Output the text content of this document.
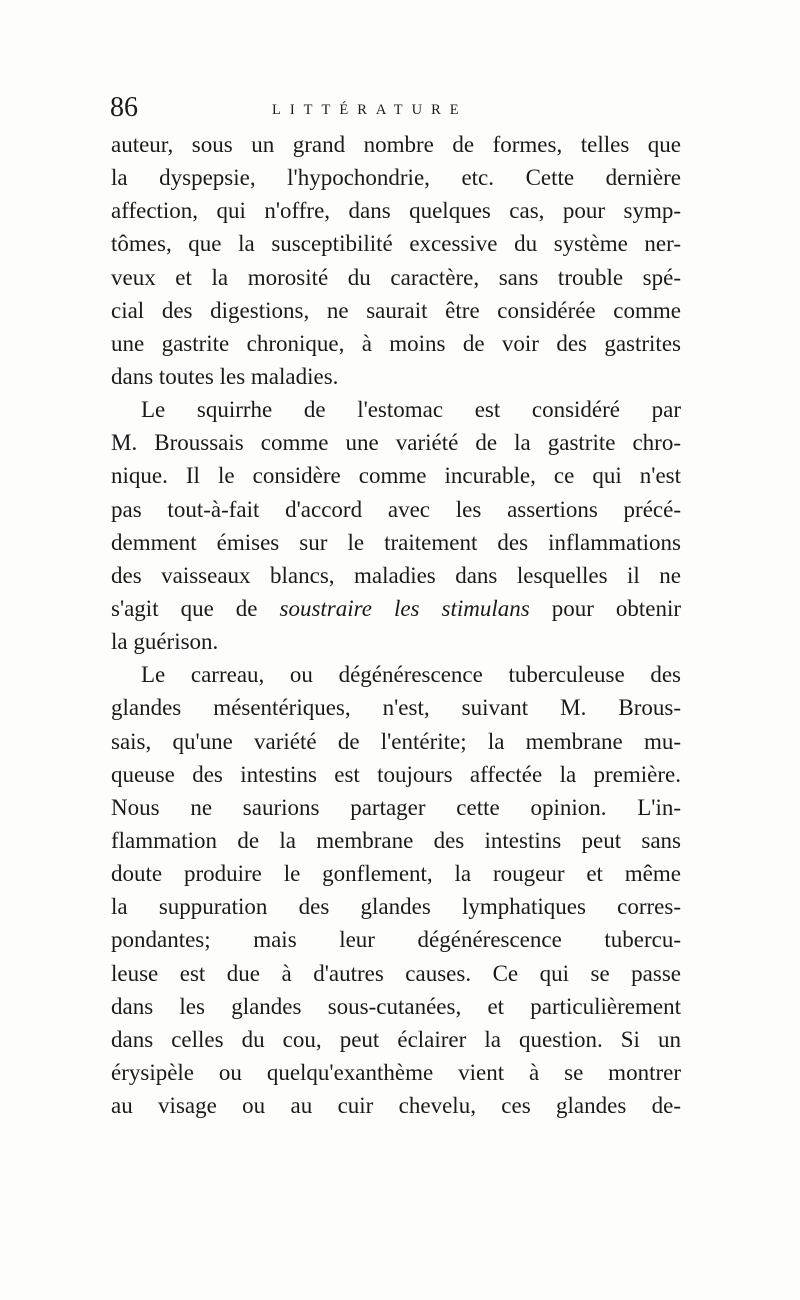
86	LITTÉRATURE
auteur, sous un grand nombre de formes, telles que
la dyspepsie, l'hypochondrie, etc. Cette dernière
affection, qui n'offre, dans quelques cas, pour symp-
tômes, que la susceptibilité excessive du système ner-
veux et la morosité du caractère, sans trouble spé-
cial des digestions, ne saurait être considérée comme
une gastrite chronique, à moins de voir des gastrites
dans toutes les maladies.
Le squirrhe de l'estomac est considéré par
M. Broussais comme une variété de la gastrite chro-
nique. Il le considère comme incurable, ce qui n'est
pas tout-à-fait d'accord avec les assertions précé-
demment émises sur le traitement des inflammations
des vaisseaux blancs, maladies dans lesquelles il ne
s'agit que de soustraire les stimulans pour obtenir
la guérison.
Le carreau, ou dégénérescence tuberculeuse des
glandes mésentériques, n'est, suivant M. Brous-
sais, qu'une variété de l'entérite; la membrane mu-
queuse des intestins est toujours affectée la première.
Nous ne saurions partager cette opinion. L'in-
flammation de la membrane des intestins peut sans
doute produire le gonflement, la rougeur et même
la suppuration des glandes lymphatiques corres-
pondantes; mais leur dégénérescence tubercu-
leuse est due à d'autres causes. Ce qui se passe
dans les glandes sous-cutanées, et particulièrement
dans celles du cou, peut éclairer la question. Si un
érysipèle ou quelqu'exanthème vient à se montrer
au visage ou au cuir chevelu, ces glandes de-
